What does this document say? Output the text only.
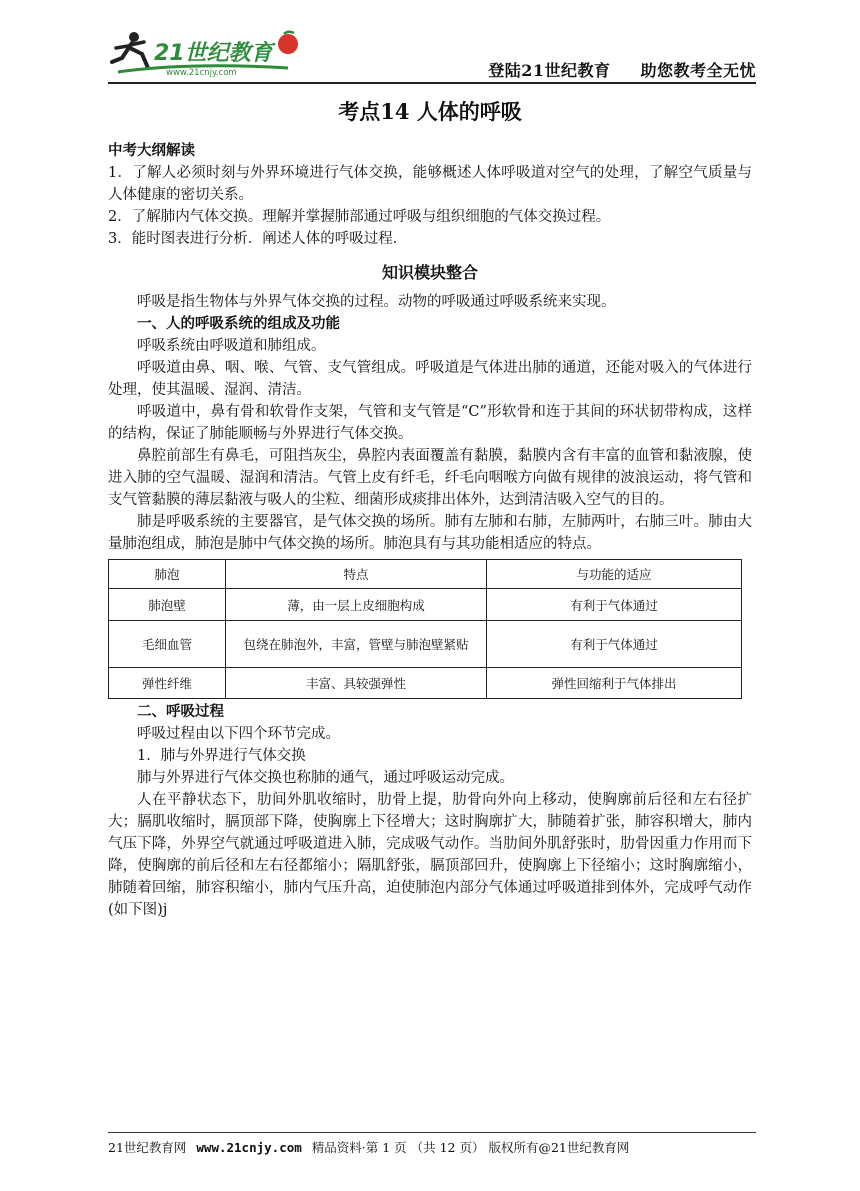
21世纪教育
www.21cnjy.com	登陆21世纪教育 助您教考全无忧
考点14 人体的呼吸
中考大纲解读

1．了解人必须时刻与外界环境进行气体交换，能够概述人体呼吸道对空气的处理，了解空气质量与人体健康的密切关系。

2．了解肺内气体交换。理解并掌握肺部通过呼吸与组织细胞的气体交换过程。

3．能时图表进行分析．阐述人体的呼吸过程．

知识模块整合

呼吸是指生物体与外界气体交换的过程。动物的呼吸通过呼吸系统来实现。

一、人的呼吸系统的组成及功能

呼吸系统由呼吸道和肺组成。

呼吸道由鼻、咽、喉、气管、支气管组成。呼吸道是气体进出肺的通道，还能对吸入的气体进行处理，使其温暖、湿润、清洁。

呼吸道中，鼻有骨和软骨作支架，气管和支气管是“C”形软骨和连于其间的环状韧带构成，这样的结构，保证了肺能顺畅与外界进行气体交换。

鼻腔前部生有鼻毛，可阻挡灰尘，鼻腔内表面覆盖有黏膜，黏膜内含有丰富的血管和黏液腺，使进入肺的空气温暖、湿润和清洁。气管上皮有纤毛，纤毛向咽喉方向做有规律的波浪运动，将气管和支气管黏膜的薄层黏液与吸人的尘粒、细菌形成痰排出体外，达到清洁吸入空气的目的。

肺是呼吸系统的主要器官，是气体交换的场所。肺有左肺和右肺，左肺两叶，右肺三叶。肺由大量肺泡组成，肺泡是肺中气体交换的场所。肺泡具有与其功能相适应的特点。

肺泡	特点	与功能的适应
肺泡壁	薄，由一层上皮细胞构成	有利于气体通过
毛细血管	包绕在肺泡外，丰富，管壁与肺泡壁紧贴	有利于气体通过
弹性纤维	丰富、具较强弹性	弹性回缩利于气体排出
二、呼吸过程

呼吸过程由以下四个环节完成。

1．肺与外界进行气体交换

肺与外界进行气体交换也称肺的通气，通过呼吸运动完成。

人在平静状态下，肋间外肌收缩时，肋骨上提，肋骨向外向上移动，使胸廓前后径和左右径扩大；膈肌收缩时，膈顶部下降，使胸廓上下径增大；这时胸廓扩大，肺随着扩张，肺容积增大，肺内气压下降，外界空气就通过呼吸道进入肺，完成吸气动作。当肋间外肌舒张时，肋骨因重力作用而下降，使胸廓的前后径和左右径都缩小；隔肌舒张，膈顶部回升，使胸廓上下径缩小；这时胸廓缩小，肺随着回缩，肺容积缩小，肺内气压升高，迫使肺泡内部分气体通过呼吸道排到体外，完成呼气动作(如下图)j

21世纪教育网 www.21cnjy.com 精品资料·第 1 页 （共 12 页） 版权所有@21世纪教育网
